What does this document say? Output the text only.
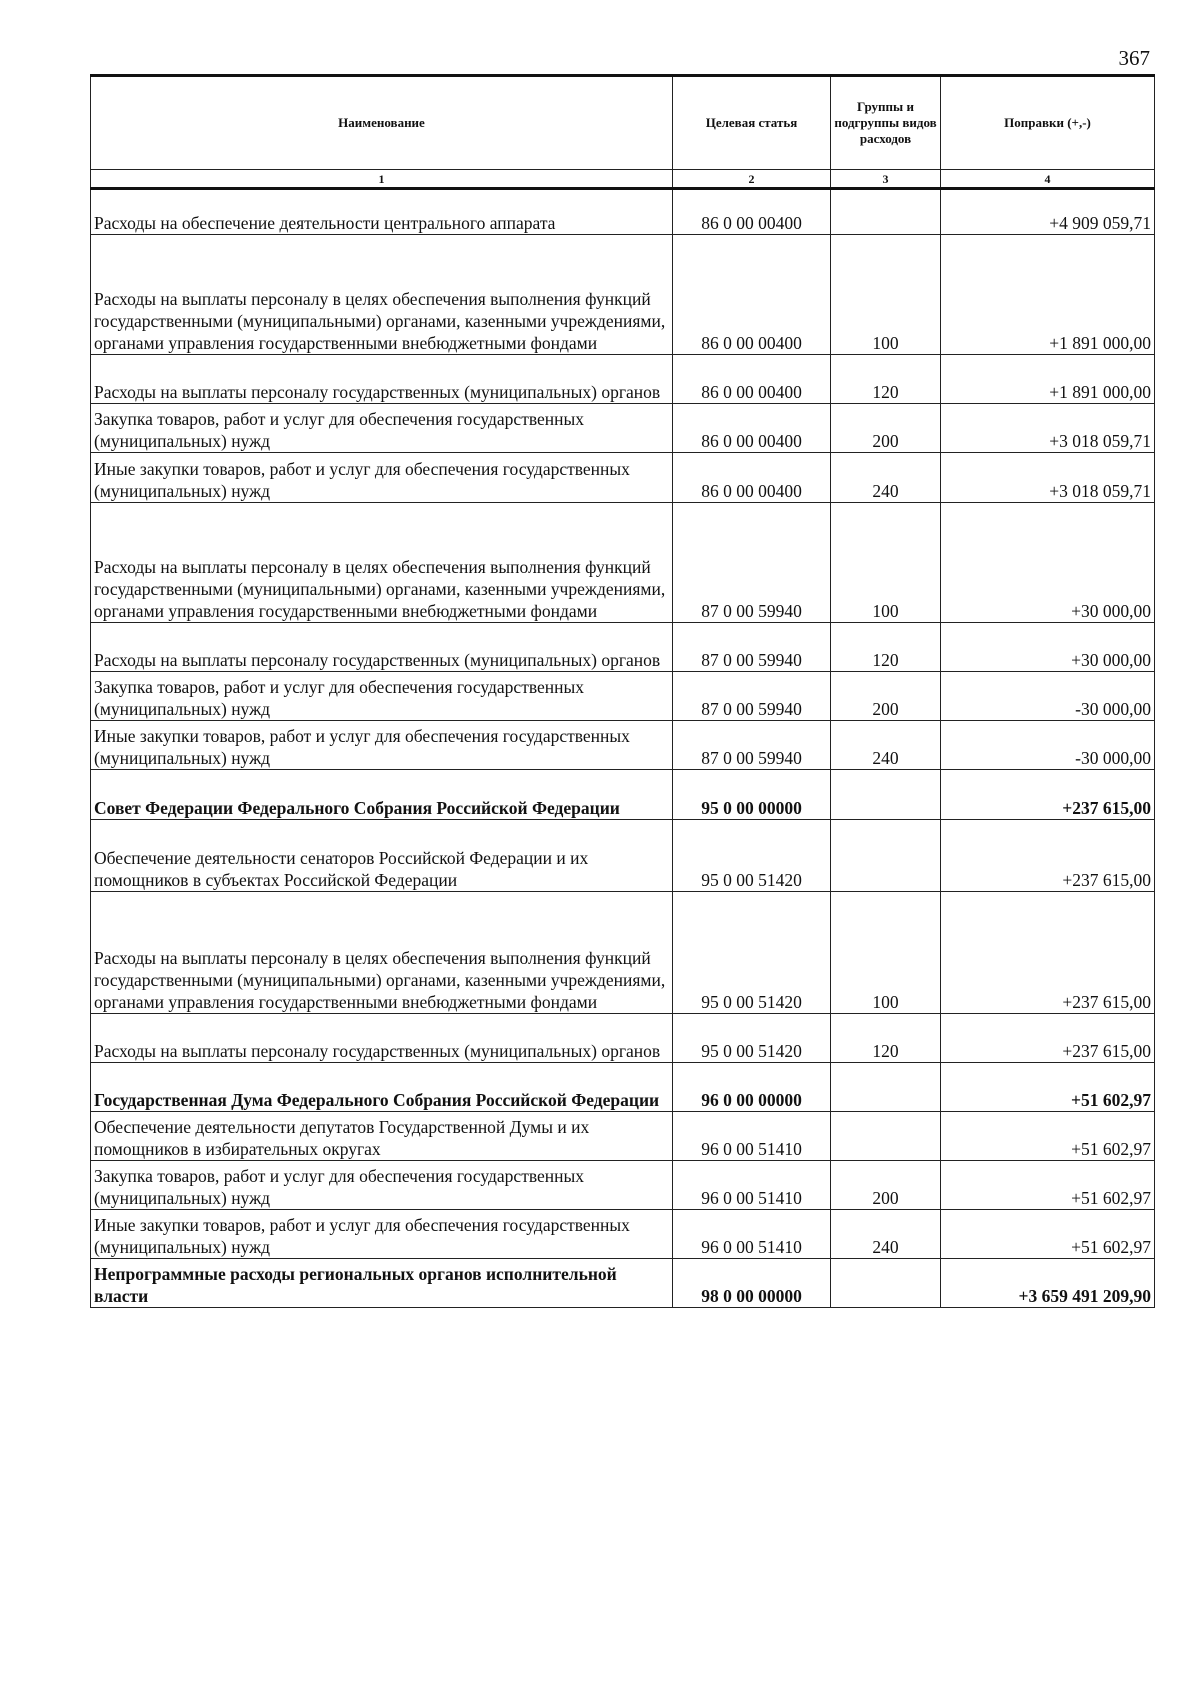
367
Наименование	Целевая статья	Группы и подгруппы видов расходов	Поправки (+,-)
1	2	3	4
Расходы на обеспечение деятельности центрального аппарата	86 0 00 00400		+4 909 059,71
Расходы на выплаты персоналу в целях обеспечения выполнения функций государственными (муниципальными) органами, казенными учреждениями, органами управления государственными внебюджетными фондами	86 0 00 00400	100	+1 891 000,00
Расходы на выплаты персоналу государственных (муниципальных) органов	86 0 00 00400	120	+1 891 000,00
Закупка товаров, работ и услуг для обеспечения государственных (муниципальных) нужд	86 0 00 00400	200	+3 018 059,71
Иные закупки товаров, работ и услуг для обеспечения государственных (муниципальных) нужд	86 0 00 00400	240	+3 018 059,71
Расходы на выплаты персоналу в целях обеспечения выполнения функций государственными (муниципальными) органами, казенными учреждениями, органами управления государственными внебюджетными фондами	87 0 00 59940	100	+30 000,00
Расходы на выплаты персоналу государственных (муниципальных) органов	87 0 00 59940	120	+30 000,00
Закупка товаров, работ и услуг для обеспечения государственных (муниципальных) нужд	87 0 00 59940	200	-30 000,00
Иные закупки товаров, работ и услуг для обеспечения государственных (муниципальных) нужд	87 0 00 59940	240	-30 000,00
Совет Федерации Федерального Собрания Российской Федерации	95 0 00 00000		+237 615,00
Обеспечение деятельности сенаторов Российской Федерации и их помощников в субъектах Российской Федерации	95 0 00 51420		+237 615,00
Расходы на выплаты персоналу в целях обеспечения выполнения функций государственными (муниципальными) органами, казенными учреждениями, органами управления государственными внебюджетными фондами	95 0 00 51420	100	+237 615,00
Расходы на выплаты персоналу государственных (муниципальных) органов	95 0 00 51420	120	+237 615,00
Государственная Дума Федерального Собрания Российской Федерации	96 0 00 00000		+51 602,97
Обеспечение деятельности депутатов Государственной Думы и их помощников в избирательных округах	96 0 00 51410		+51 602,97
Закупка товаров, работ и услуг для обеспечения государственных (муниципальных) нужд	96 0 00 51410	200	+51 602,97
Иные закупки товаров, работ и услуг для обеспечения государственных (муниципальных) нужд	96 0 00 51410	240	+51 602,97
Непрограммные расходы региональных органов исполнительной власти	98 0 00 00000		+3 659 491 209,90
